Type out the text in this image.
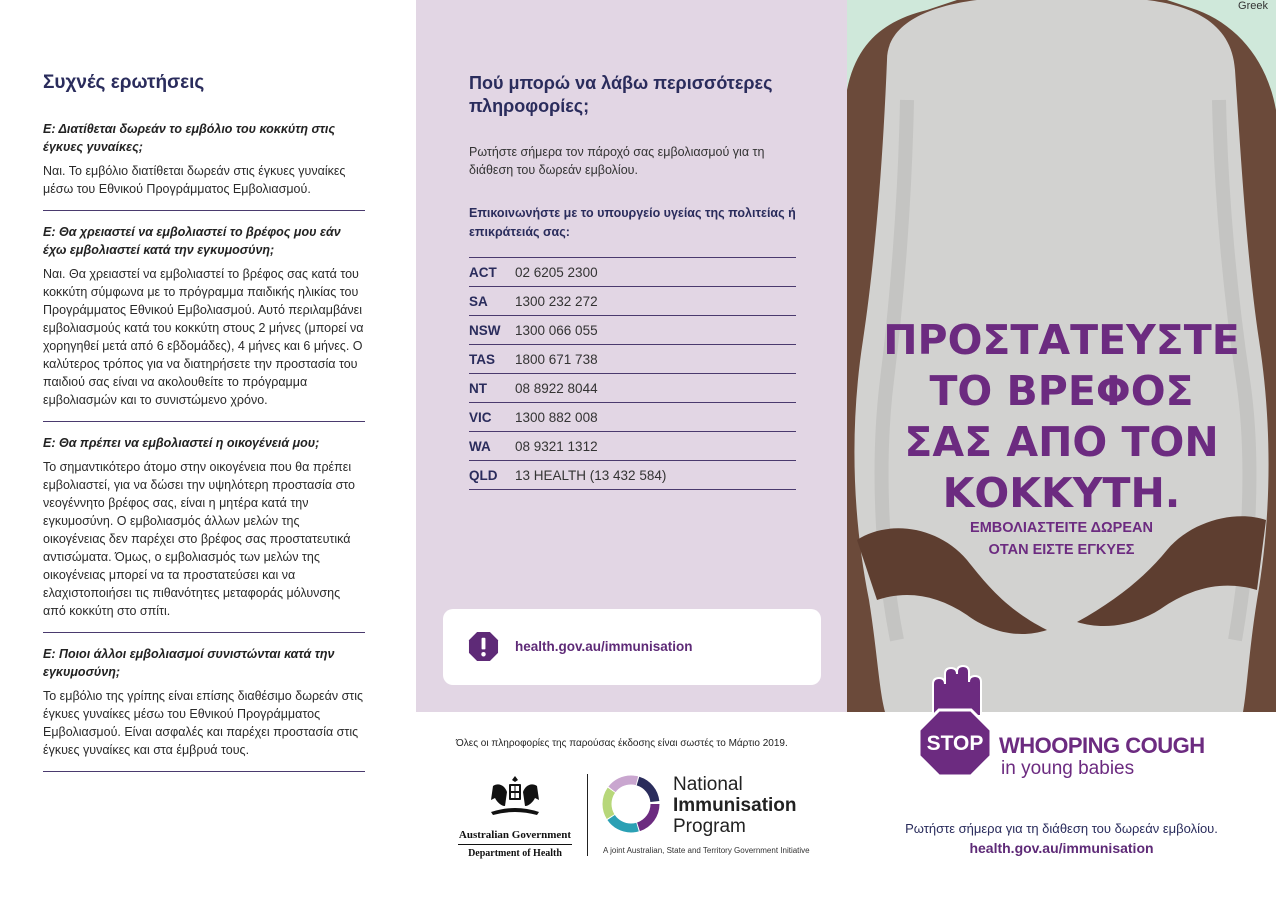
Συχνές ερωτήσεις
Ε: Διατίθεται δωρεάν το εμβόλιο του κοκκύτη στις έγκυες γυναίκες;
Ναι. Το εμβόλιο διατίθεται δωρεάν στις έγκυες γυναίκες μέσω του Εθνικού Προγράμματος Εμβολιασμού.
Ε: Θα χρειαστεί να εμβολιαστεί το βρέφος μου εάν έχω εμβολιαστεί κατά την εγκυμοσύνη;
Ναι. Θα χρειαστεί να εμβολιαστεί το βρέφος σας κατά του κοκκύτη σύμφωνα με το πρόγραμμα παιδικής ηλικίας του Προγράμματος Εθνικού Εμβολιασμού. Αυτό περιλαμβάνει εμβολιασμούς κατά του κοκκύτη στους 2 μήνες (μπορεί να χορηγηθεί μετά από 6 εβδομάδες), 4 μήνες και 6 μήνες. Ο καλύτερος τρόπος για να διατηρήσετε την προστασία του παιδιού σας είναι να ακολουθείτε το πρόγραμμα εμβολιασμών και το συνιστώμενο χρόνο.
Ε: Θα πρέπει να εμβολιαστεί η οικογένειά μου;
Το σημαντικότερο άτομο στην οικογένεια που θα πρέπει εμβολιαστεί, για να δώσει την υψηλότερη προστασία στο νεογέννητο βρέφος σας, είναι η μητέρα κατά την εγκυμοσύνη. Ο εμβολιασμός άλλων μελών της οικογένειας δεν παρέχει στο βρέφος σας προστατευτικά αντισώματα. Όμως, ο εμβολιασμός των μελών της οικογένειας μπορεί να τα προστατεύσει και να ελαχιστοποιήσει τις πιθανότητες μεταφοράς μόλυνσης από κοκκύτη στο σπίτι.
Ε: Ποιοι άλλοι εμβολιασμοί συνιστώνται κατά την εγκυμοσύνη;
Το εμβόλιο της γρίπης είναι επίσης διαθέσιμο δωρεάν στις έγκυες γυναίκες μέσω του Εθνικού Προγράμματος Εμβολιασμού. Είναι ασφαλές και παρέχει προστασία στις έγκυες γυναίκες και στα έμβρυά τους.
Πού μπορώ να λάβω περισσότερες πληροφορίες;
Ρωτήστε σήμερα τον πάροχό σας εμβολιασμού για τη διάθεση του δωρεάν εμβολίου.
Επικοινωνήστε με το υπουργείο υγείας της πολιτείας ή επικράτειάς σας:
ACT	02 6205 2300
SA	1300 232 272
NSW	1300 066 055
TAS	1800 671 738
NT	08 8922 8044
VIC	1300 882 008
WA	08 9321 1312
QLD	13 HEALTH (13 432 584)
health.gov.au/immunisation
Όλες οι πληροφορίες της παρούσας έκδοσης είναι σωστές το Μάρτιο 2019.
Australian Government
Department of Health
National
Immunisation
Program
A joint Australian, State and Territory Government Initiative
Greek
ΠΡΟΣΤΑΤΕΥΣΤΕ
ΤΟ ΒΡΕΦΟΣ
ΣΑΣ ΑΠΟ ΤΟΝ
ΚΟΚΚΥΤΗ.
ΕΜΒΟΛΙΑΣΤΕΙΤΕ ΔΩΡΕΑΝ
ΟΤΑΝ ΕΙΣΤΕ ΕΓΚΥΕΣ
STOP WHOOPING COUGH
in young babies
Ρωτήστε σήμερα για τη διάθεση του δωρεάν εμβολίου.
health.gov.au/immunisation
